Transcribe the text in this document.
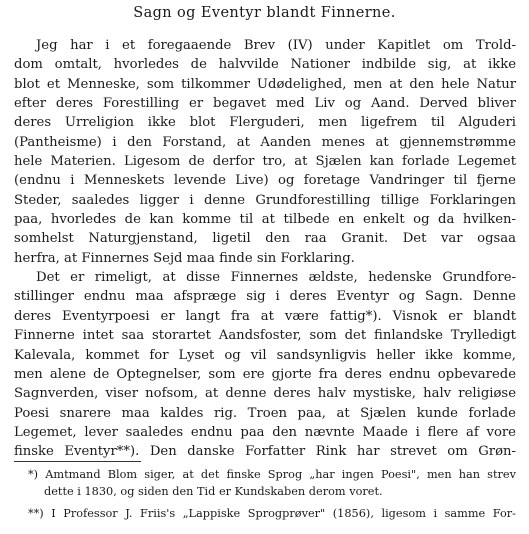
Sagn og Eventyr blandt Finnerne.
Jeg har i et foregaaende Brev (IV) under Kapitlet om Trold-
dom omtalt, hvorledes de halvvilde Nationer indbilde sig, at ikke
blot et Menneske, som tilkommer Udødelighed, men at den hele Natur
efter deres Forestilling er begavet med Liv og Aand. Derved bliver
deres Urreligion ikke blot Flerguderi, men ligefrem til Alguderi
(Pantheisme) i den Forstand, at Aanden menes at gjennemstrømme
hele Materien. Ligesom de derfor tro, at Sjælen kan forlade Legemet
(endnu i Menneskets levende Live) og foretage Vandringer til fjerne
Steder, saaledes ligger i denne Grundforestilling tillige Forklaringen
paa, hvorledes de kan komme til at tilbede en enkelt og da hvilken-
somhelst Naturgjenstand, ligetil den raa Granit. Det var ogsaa
herfra, at Finnernes Sejd maa finde sin Forklaring.
Det er rimeligt, at disse Finnernes ældste, hedenske Grundfore-
stillinger endnu maa afspræge sig i deres Eventyr og Sagn. Denne
deres Eventyrpoesi er langt fra at være fattig*). Visnok er blandt
Finnerne intet saa storartet Aandsfoster, som det finlandske Trylledigt
Kalevala, kommet for Lyset og vil sandsynligvis heller ikke komme,
men alene de Optegnelser, som ere gjorte fra deres endnu opbevarede
Sagnverden, viser nofsom, at denne deres halv mystiske, halv religiøse
Poesi snarere maa kaldes rig. Troen paa, at Sjælen kunde forlade
Legemet, lever saaledes endnu paa den nævnte Maade i flere af vore
finske Eventyr**). Den danske Forfatter Rink har strevet om Grøn-
*) Amtmand Blom siger, at det finske Sprog „har ingen Poesi", men han strev
dette i 1830, og siden den Tid er Kundskaben derom voret.
**) I Professor J. Friis's „Lappiske Sprogprøver" (1856), ligesom i samme For-
